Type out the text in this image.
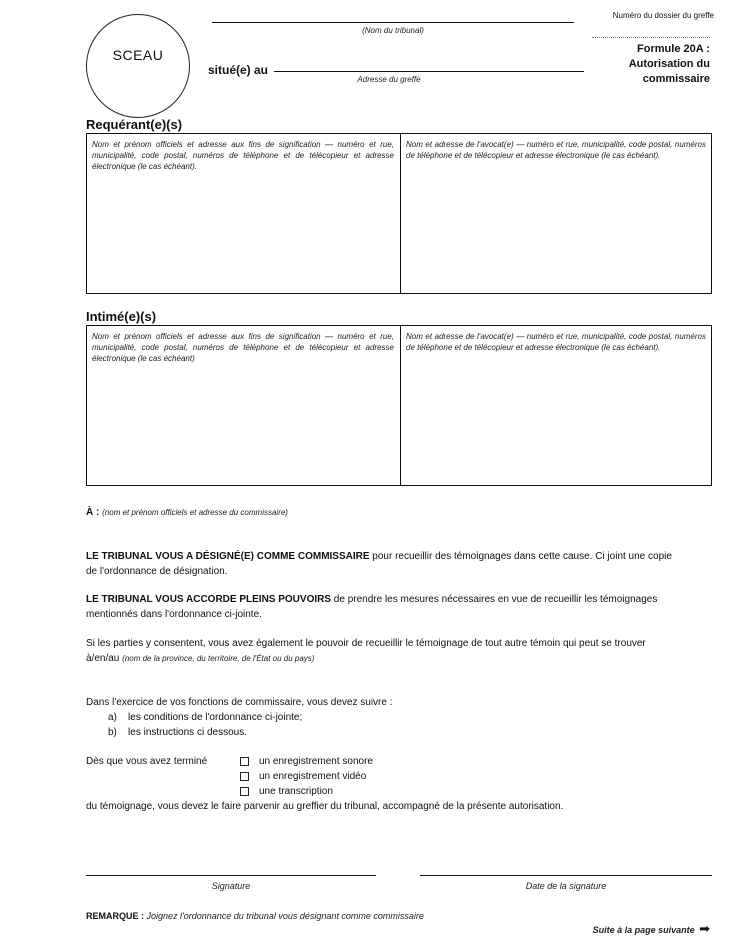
SCEAU
(Nom du tribunal)
Numéro du dossier du greffe
situé(e) au
Adresse du greffe
Formule 20A :
Autorisation du
commissaire
Requérant(e)(s)
Nom et prénom officiels et adresse aux fins de signification — numéro et rue, municipalité, code postal, numéros de téléphone et de télécopieur et adresse électronique (le cas échéant).
Nom et adresse de l'avocat(e) — numéro et rue, municipalité, code postal, numéros de téléphone et de télécopieur et adresse électronique (le cas échéant).
Intimé(e)(s)
Nom et prénom officiels et adresse aux fins de signification — numéro et rue, municipalité, code postal, numéros de téléphone et de télécopieur et adresse électronique (le cas échéant)
Nom et adresse de l'avocat(e) — numéro et rue, municipalité, code postal, numéros de téléphone et de télécopieur et adresse électronique (le cas échéant).
À : (nom et prénom officiels et adresse du commissaire)
LE TRIBUNAL VOUS A DÉSIGNÉ(E) COMME COMMISSAIRE pour recueillir des témoignages dans cette cause. Ci joint une copie
de l'ordonnance de désignation.
LE TRIBUNAL VOUS ACCORDE PLEINS POUVOIRS de prendre les mesures nécessaires en vue de recueillir les témoignages
mentionnés dans l'ordonnance ci-jointe.
Si les parties y consentent, vous avez également le pouvoir de recueillir le témoignage de tout autre témoin qui peut se trouver
à/en/au (nom de la province, du territoire, de l'État ou du pays)
Dans l'exercice de vos fonctions de commissaire, vous devez suivre :
a) les conditions de l'ordonnance ci-jointe;
b) les instructions ci dessous.
Dès que vous avez terminé	un enregistrement sonore
un enregistrement vidéo
une transcription
du témoignage, vous devez le faire parvenir au greffier du tribunal, accompagné de la présente autorisation.
Signature	Date de la signature
REMARQUE : Joignez l'ordonnance du tribunal vous désignant comme commissaire
Suite à la page suivante ➡
